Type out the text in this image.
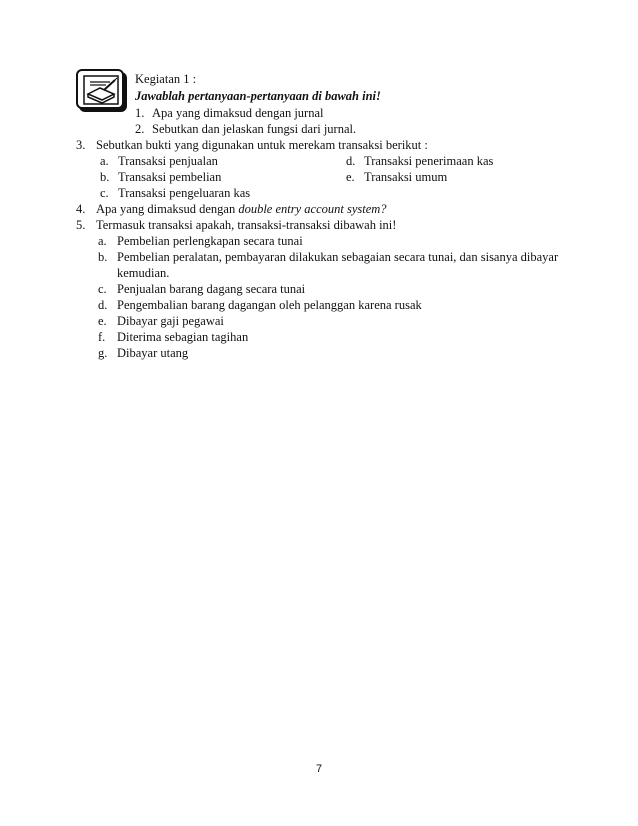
Kegiatan 1 :
Jawablah pertanyaan-pertanyaan di bawah ini!
1. Apa yang dimaksud dengan jurnal
2. Sebutkan dan jelaskan fungsi dari jurnal.
3. Sebutkan bukti yang digunakan untuk merekam transaksi berikut :
a. Transaksi penjualan	d. Transaksi penerimaan kas
b. Transaksi pembelian	e. Transaksi umum
c. Transaksi pengeluaran kas
4. Apa yang dimaksud dengan double entry account system?
5. Termasuk transaksi apakah, transaksi-transaksi dibawah ini!
a. Pembelian perlengkapan secara tunai
b. Pembelian peralatan, pembayaran dilakukan sebagaian secara tunai, dan sisanya dibayar
kemudian.
c. Penjualan barang dagang secara tunai
d. Pengembalian barang dagangan oleh pelanggan karena rusak
e. Dibayar gaji pegawai
f. Diterima sebagian tagihan
g. Dibayar utang
7
